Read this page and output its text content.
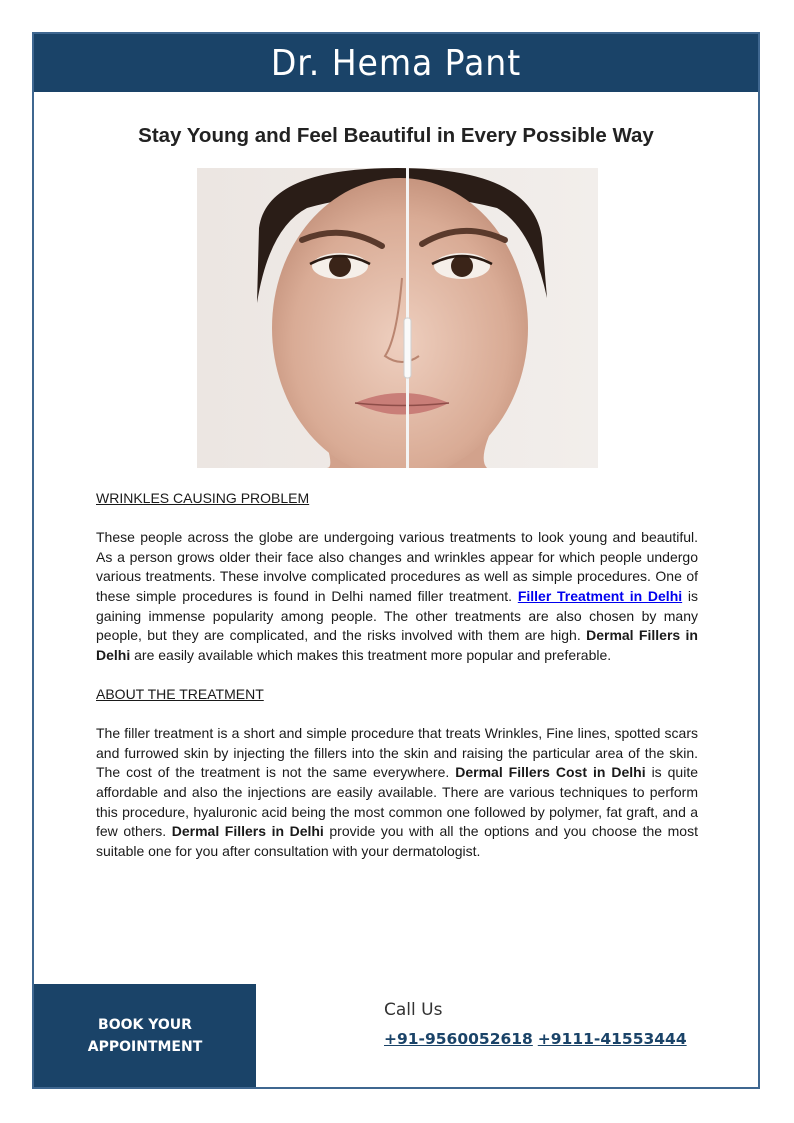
Dr. Hema Pant
Stay Young and Feel Beautiful in Every Possible Way

WRINKLES CAUSING PROBLEM

These people across the globe are undergoing various treatments to look young and beautiful. As a person grows older their face also changes and wrinkles appear for which people undergo various treatments. These involve complicated procedures as well as simple procedures. One of these simple procedures is found in Delhi named filler treatment. Filler Treatment in Delhi is gaining immense popularity among people. The other treatments are also chosen by many people, but they are complicated, and the risks involved with them are high. Dermal Fillers in Delhi are easily available which makes this treatment more popular and preferable.

ABOUT THE TREATMENT

The filler treatment is a short and simple procedure that treats Wrinkles, Fine lines, spotted scars and furrowed skin by injecting the fillers into the skin and raising the particular area of the skin. The cost of the treatment is not the same everywhere. Dermal Fillers Cost in Delhi is quite affordable and also the injections are easily available. There are various techniques to perform this procedure, hyaluronic acid being the most common one followed by polymer, fat graft, and a few others. Dermal Fillers in Delhi provide you with all the options and you choose the most suitable one for you after consultation with your dermatologist.

BOOK YOUR
APPOINTMENT
Call Us
+91-9560052618 +9111-41553444
